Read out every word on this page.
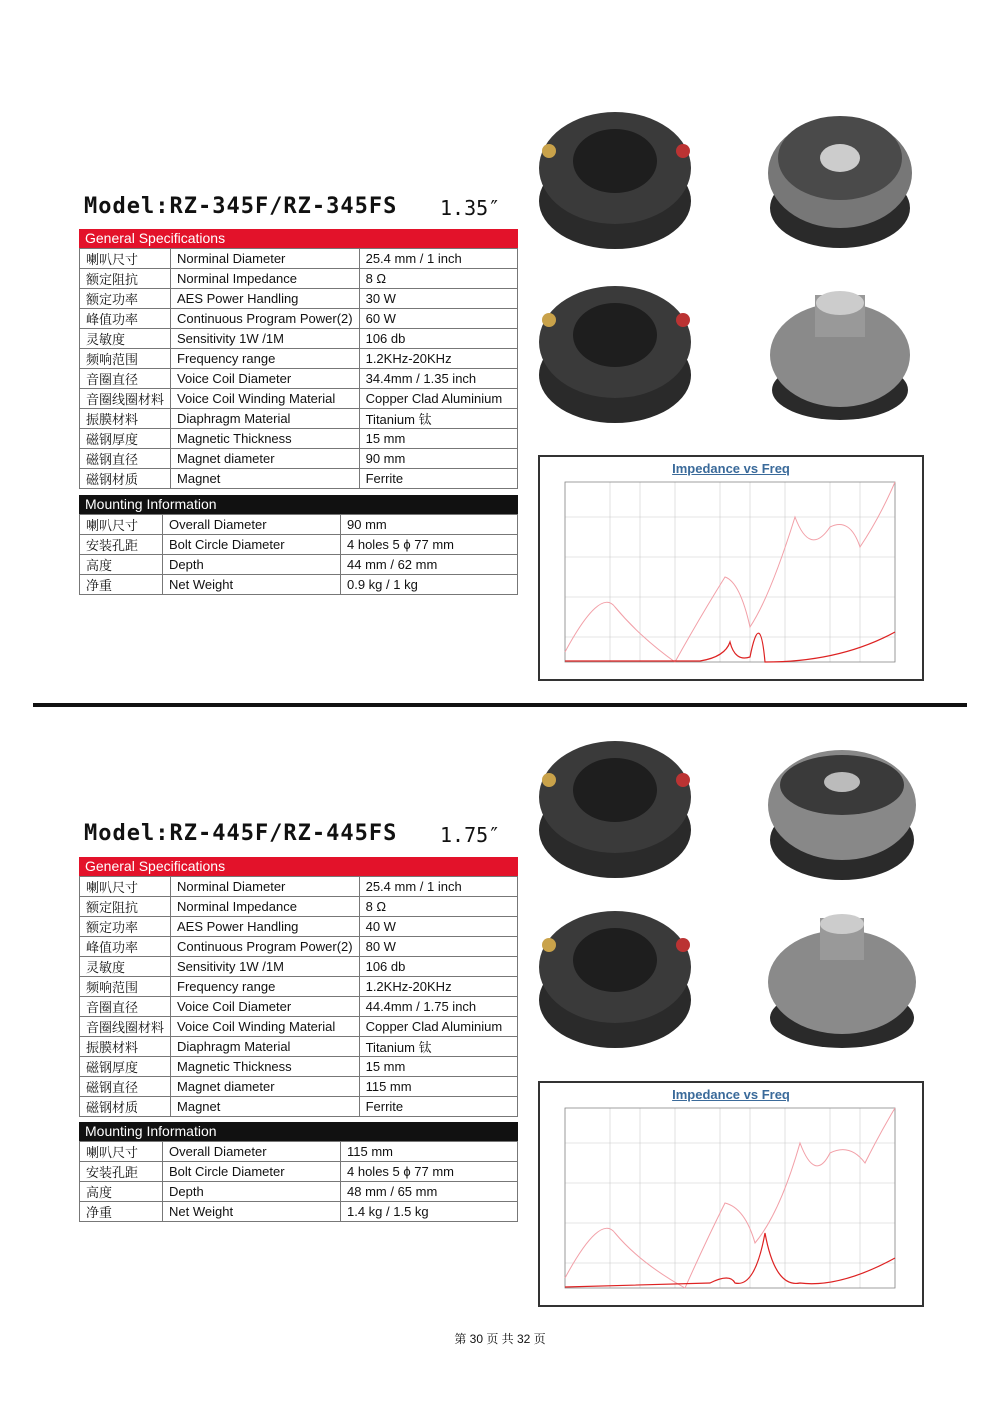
Model:RZ-345F/RZ-345FS 1.35″
General Specifications
喇叭尺寸	Norminal Diameter	25.4 mm / 1 inch
额定阻抗	Norminal Impedance	8 Ω
额定功率	AES Power Handling	30 W
峰值功率	Continuous Program Power(2)	60 W
灵敏度	Sensitivity 1W /1M	106 db
频响范围	Frequency range	1.2KHz-20KHz
音圈直径	Voice Coil Diameter	34.4mm / 1.35 inch
音圈线圈材料	Voice Coil Winding Material	Copper Clad Aluminium
振膜材料	Diaphragm Material	Titanium 钛
磁钢厚度	Magnetic Thickness	15 mm
磁钢直径	Magnet diameter	90 mm
磁钢材质	Magnet	Ferrite
Mounting Information
喇叭尺寸	Overall Diameter	90 mm
安装孔距	Bolt Circle Diameter	4 holes 5 ϕ 77 mm
高度	Depth	44 mm / 62 mm
净重	Net Weight	0.9 kg / 1 kg
Impedance vs Freq
Model:RZ-445F/RZ-445FS 1.75″
General Specifications
喇叭尺寸	Norminal Diameter	25.4 mm / 1 inch
额定阻抗	Norminal Impedance	8 Ω
额定功率	AES Power Handling	40 W
峰值功率	Continuous Program Power(2)	80 W
灵敏度	Sensitivity 1W /1M	106 db
频响范围	Frequency range	1.2KHz-20KHz
音圈直径	Voice Coil Diameter	44.4mm / 1.75 inch
音圈线圈材料	Voice Coil Winding Material	Copper Clad Aluminium
振膜材料	Diaphragm Material	Titanium 钛
磁钢厚度	Magnetic Thickness	15 mm
磁钢直径	Magnet diameter	115 mm
磁钢材质	Magnet	Ferrite
Mounting Information
喇叭尺寸	Overall Diameter	115 mm
安装孔距	Bolt Circle Diameter	4 holes 5 ϕ 77 mm
高度	Depth	48 mm / 65 mm
净重	Net Weight	1.4 kg / 1.5 kg
Impedance vs Freq
第 30 页 共 32 页
